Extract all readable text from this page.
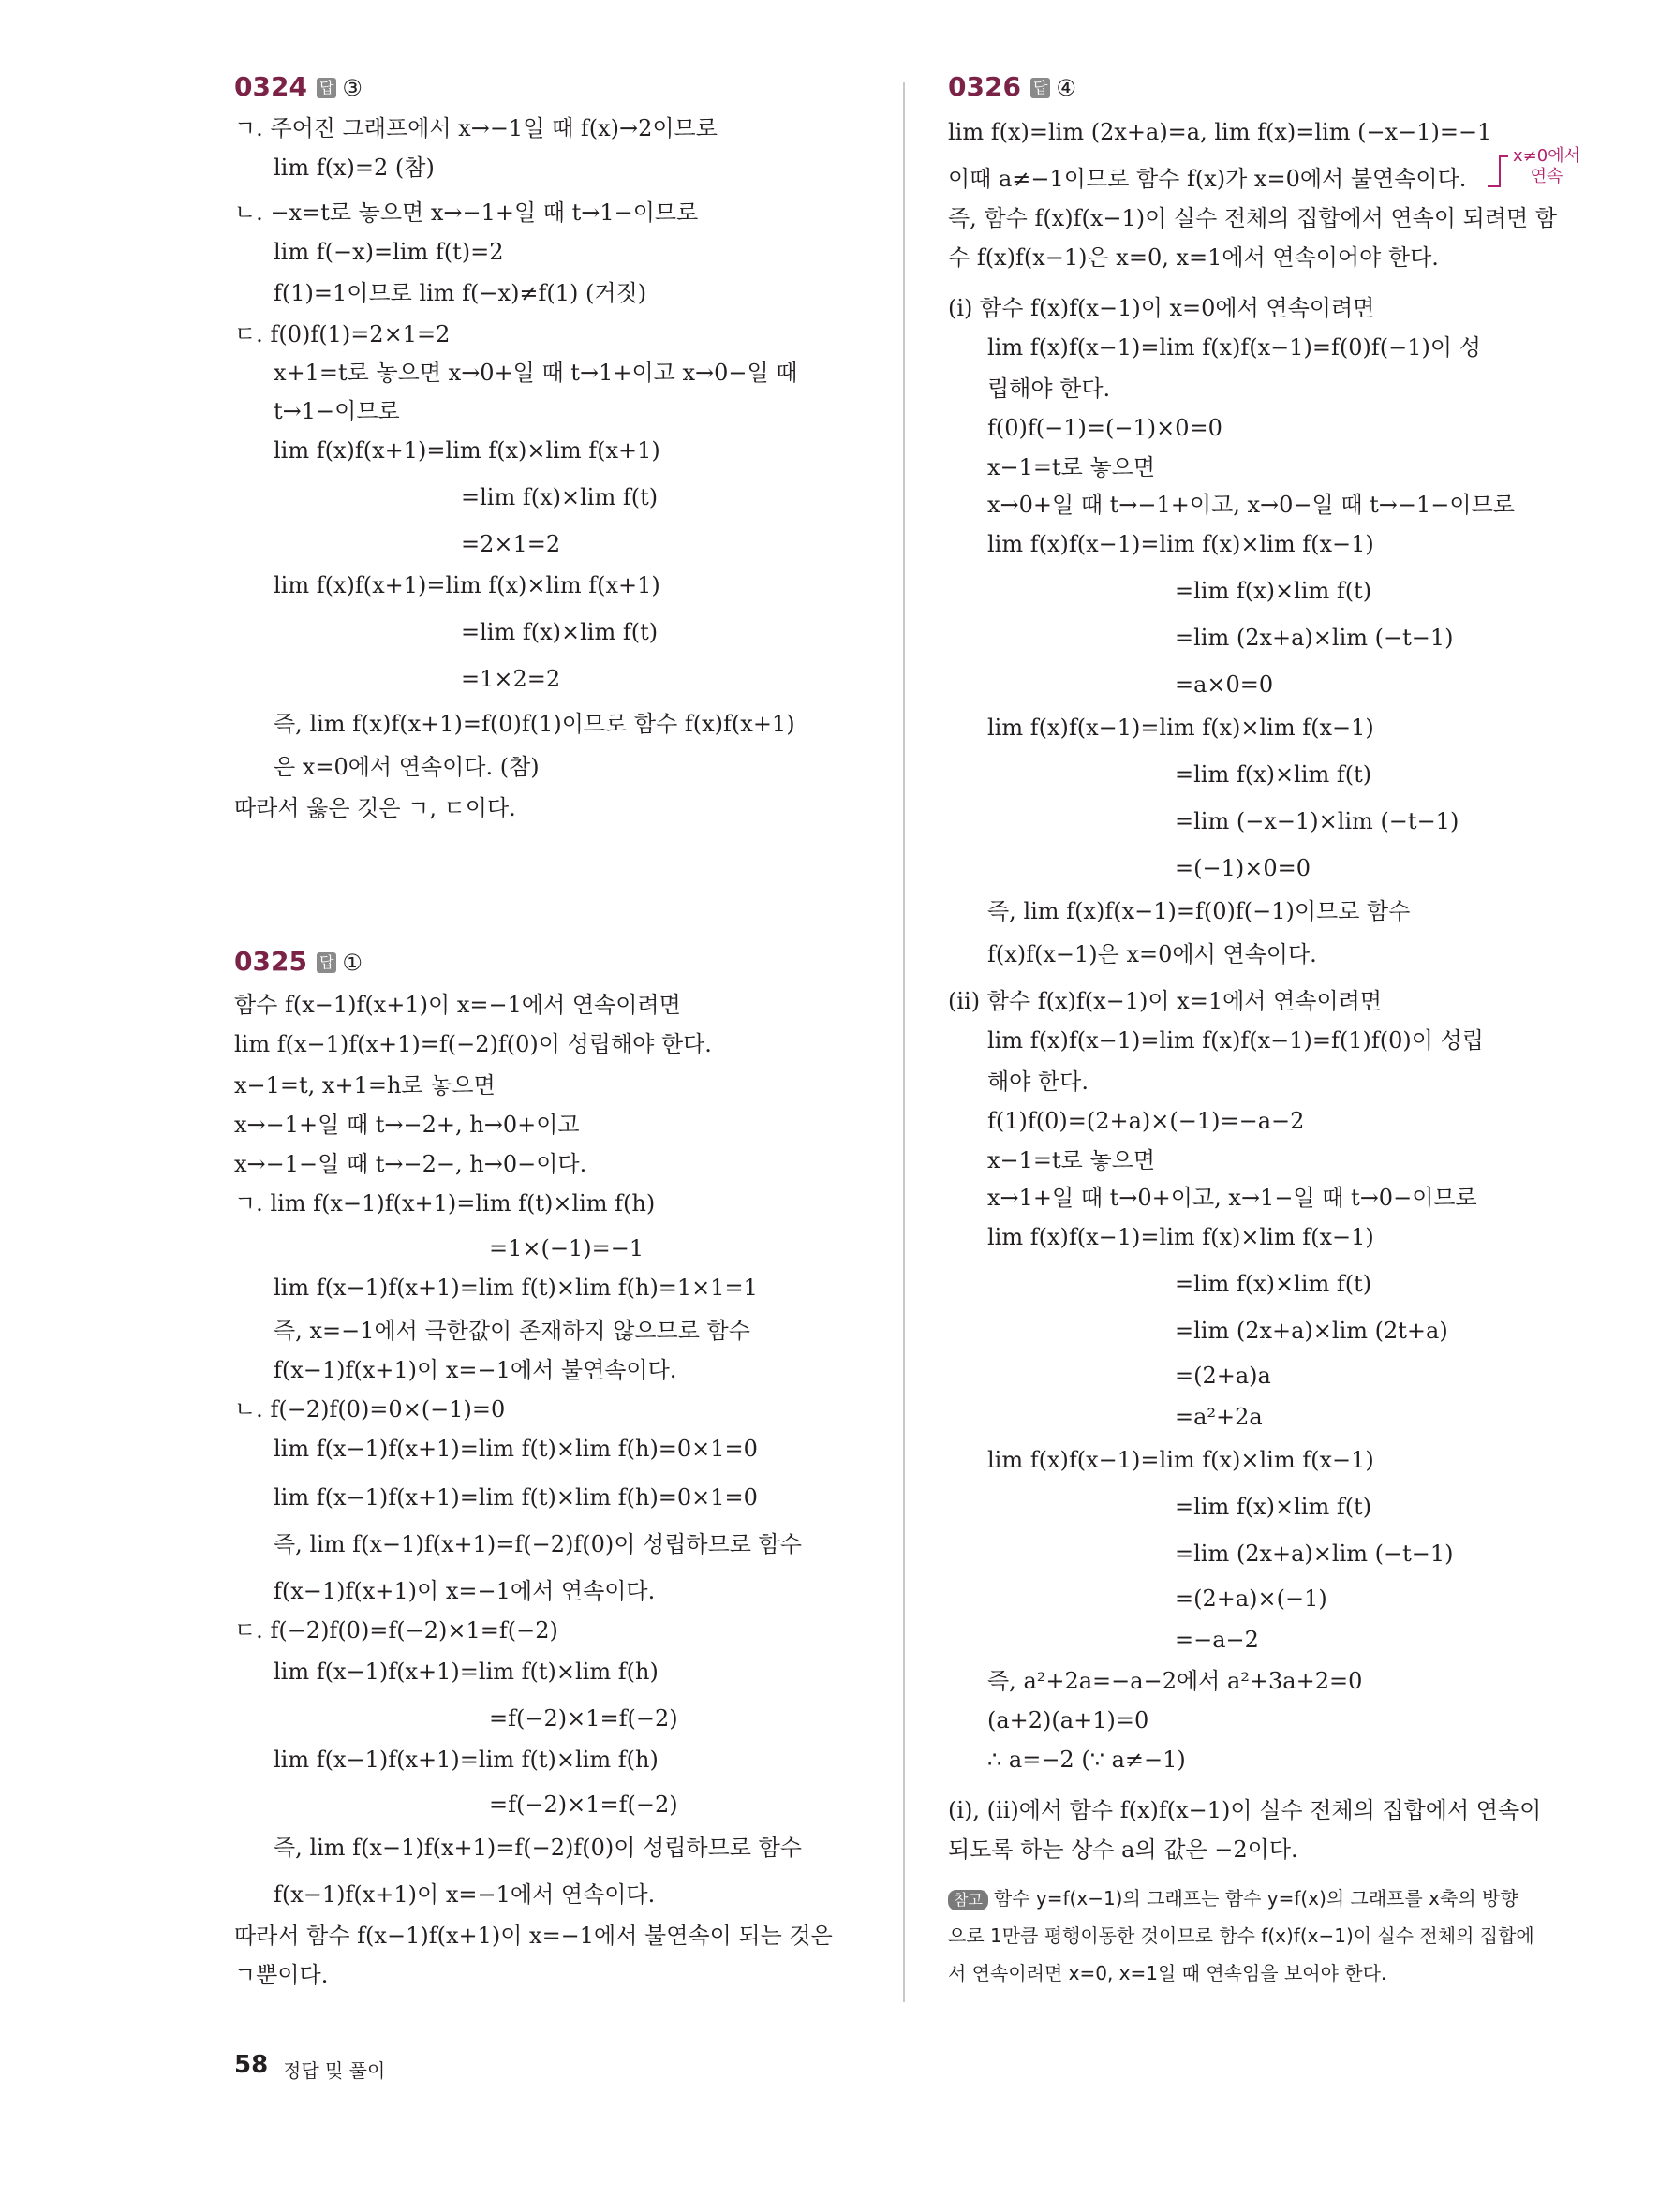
0324 답 ③
ㄱ. 주어진 그래프에서 x→−1일 때 f(x)→2이므로
lim f(x)=2 (참)
ㄴ. −x=t로 놓으면 x→−1+일 때 t→1−이므로
lim f(−x)=lim f(t)=2
f(1)=1이므로 lim f(−x)≠f(1) (거짓)
ㄷ. f(0)f(1)=2×1=2
x+1=t로 놓으면 x→0+일 때 t→1+이고 x→0−일 때
t→1−이므로
lim f(x)f(x+1)=lim f(x)×lim f(x+1)
=lim f(x)×lim f(t)
=2×1=2
lim f(x)f(x+1)=lim f(x)×lim f(x+1)
=lim f(x)×lim f(t)
=1×2=2
즉, lim f(x)f(x+1)=f(0)f(1)이므로 함수 f(x)f(x+1)
은 x=0에서 연속이다. (참)
따라서 옳은 것은 ㄱ, ㄷ이다.
0325 답 ①
함수 f(x−1)f(x+1)이 x=−1에서 연속이려면
lim f(x−1)f(x+1)=f(−2)f(0)이 성립해야 한다.
x−1=t, x+1=h로 놓으면
x→−1+일 때 t→−2+, h→0+이고
x→−1−일 때 t→−2−, h→0−이다.
ㄱ. lim f(x−1)f(x+1)=lim f(t)×lim f(h)
=1×(−1)=−1
lim f(x−1)f(x+1)=lim f(t)×lim f(h)=1×1=1
즉, x=−1에서 극한값이 존재하지 않으므로 함수
f(x−1)f(x+1)이 x=−1에서 불연속이다.
ㄴ. f(−2)f(0)=0×(−1)=0
lim f(x−1)f(x+1)=lim f(t)×lim f(h)=0×1=0
lim f(x−1)f(x+1)=lim f(t)×lim f(h)=0×1=0
즉, lim f(x−1)f(x+1)=f(−2)f(0)이 성립하므로 함수
f(x−1)f(x+1)이 x=−1에서 연속이다.
ㄷ. f(−2)f(0)=f(−2)×1=f(−2)
lim f(x−1)f(x+1)=lim f(t)×lim f(h)
=f(−2)×1=f(−2)
lim f(x−1)f(x+1)=lim f(t)×lim f(h)
=f(−2)×1=f(−2)
즉, lim f(x−1)f(x+1)=f(−2)f(0)이 성립하므로 함수
f(x−1)f(x+1)이 x=−1에서 연속이다.
따라서 함수 f(x−1)f(x+1)이 x=−1에서 불연속이 되는 것은
ㄱ뿐이다.
0326 답 ④
lim f(x)=lim (2x+a)=a, lim f(x)=lim (−x−1)=−1
이때 a≠−1이므로 함수 f(x)가 x=0에서 불연속이다.
즉, 함수 f(x)f(x−1)이 실수 전체의 집합에서 연속이 되려면 함
수 f(x)f(x−1)은 x=0, x=1에서 연속이어야 한다.
(ⅰ) 함수 f(x)f(x−1)이 x=0에서 연속이려면
lim f(x)f(x−1)=lim f(x)f(x−1)=f(0)f(−1)이 성
립해야 한다.
f(0)f(−1)=(−1)×0=0
x−1=t로 놓으면
x→0+일 때 t→−1+이고, x→0−일 때 t→−1−이므로
lim f(x)f(x−1)=lim f(x)×lim f(x−1)
=lim f(x)×lim f(t)
=lim (2x+a)×lim (−t−1)
=a×0=0
lim f(x)f(x−1)=lim f(x)×lim f(x−1)
=lim f(x)×lim f(t)
=lim (−x−1)×lim (−t−1)
=(−1)×0=0
즉, lim f(x)f(x−1)=f(0)f(−1)이므로 함수
f(x)f(x−1)은 x=0에서 연속이다.
(ⅱ) 함수 f(x)f(x−1)이 x=1에서 연속이려면
lim f(x)f(x−1)=lim f(x)f(x−1)=f(1)f(0)이 성립
해야 한다.
f(1)f(0)=(2+a)×(−1)=−a−2
x−1=t로 놓으면
x→1+일 때 t→0+이고, x→1−일 때 t→0−이므로
lim f(x)f(x−1)=lim f(x)×lim f(x−1)
=lim f(x)×lim f(t)
=lim (2x+a)×lim (2t+a)
=(2+a)a
=a²+2a
lim f(x)f(x−1)=lim f(x)×lim f(x−1)
=lim f(x)×lim f(t)
=lim (2x+a)×lim (−t−1)
=(2+a)×(−1)
=−a−2
즉, a²+2a=−a−2에서 a²+3a+2=0
(a+2)(a+1)=0
∴ a=−2 (∵ a≠−1)
(ⅰ), (ⅱ)에서 함수 f(x)f(x−1)이 실수 전체의 집합에서 연속이
되도록 하는 상수 a의 값은 −2이다.
참고 함수 y=f(x−1)의 그래프는 함수 y=f(x)의 그래프를 x축의 방향
으로 1만큼 평행이동한 것이므로 함수 f(x)f(x−1)이 실수 전체의 집합에
서 연속이려면 x=0, x=1일 때 연속임을 보여야 한다.
x≠0에서
연속
58 정답 및 풀이
